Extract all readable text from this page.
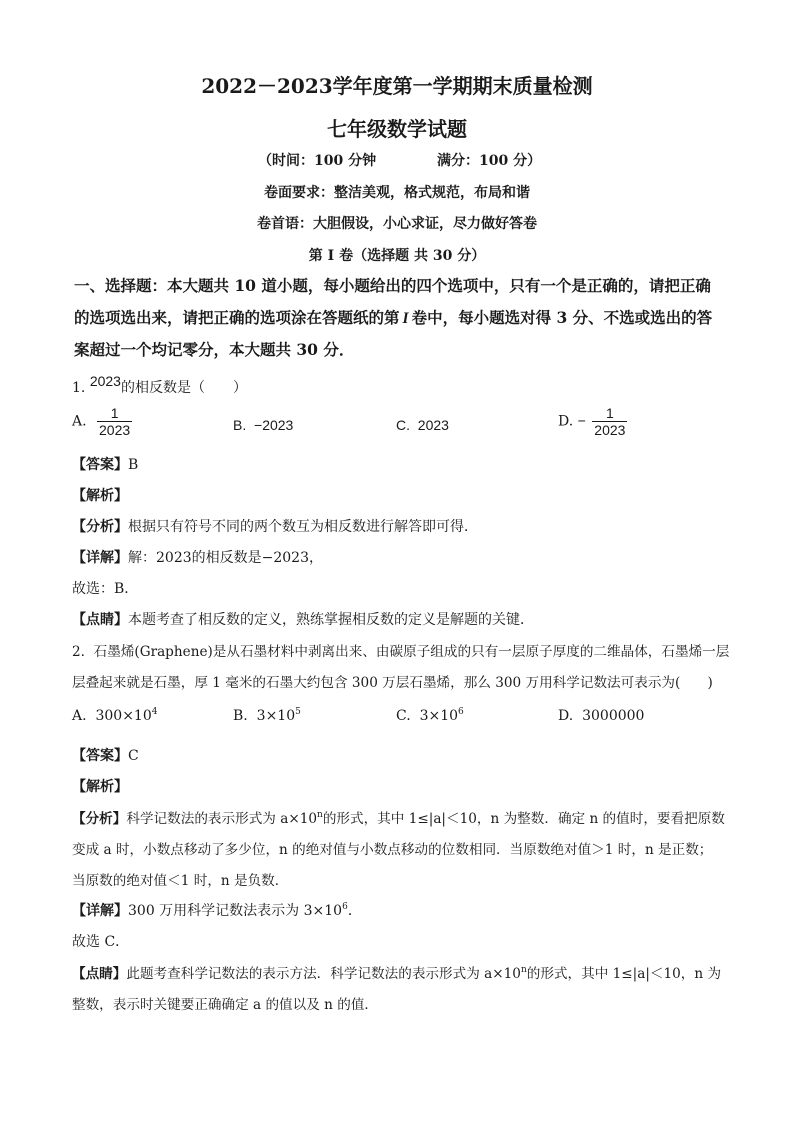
2022－2023学年度第一学期期末质量检测
七年级数学试题
（时间：100 分钟	满分：100 分）
卷面要求：整洁美观，格式规范，布局和谐
卷首语：大胆假设，小心求证，尽力做好答卷
第 I 卷（选择题 共 30 分）
一、选择题：本大题共 10 道小题，每小题给出的四个选项中，只有一个是正确的，请把正确
的选项选出来，请把正确的选项涂在答题纸的第 I 卷中，每小题选对得 3 分、不选或选出的答
案超过一个均记零分，本大题共 30 分．
1. 2023的相反数是（　　）
A. $\frac{1}{2023}$	B. −2023	C. 2023	D. − $\frac{1}{2023}$
【答案】B
【解析】
【分析】根据只有符号不同的两个数互为相反数进行解答即可得．
【详解】解：2023的相反数是−2023，
故选：B．
【点睛】本题考查了相反数的定义，熟练掌握相反数的定义是解题的关键．
2. 石墨烯(Graphene)是从石墨材料中剥离出来、由碳原子组成的只有一层原子厚度的二维晶体，石墨烯一层
层叠起来就是石墨，厚 1 毫米的石墨大约包含 300 万层石墨烯，那么 300 万用科学记数法可表示为(　　)
A. $300\times 10^4$	B. $3\times 10^5$	C. $3\times 10^6$	D. 3000000
【答案】C
【解析】
【分析】科学记数法的表示形式为 $a\times 10^n$的形式，其中 1≤|a|＜10，n 为整数．确定 n 的值时，要看把原数
变成 a 时，小数点移动了多少位，n 的绝对值与小数点移动的位数相同．当原数绝对值＞1 时，n 是正数；
当原数的绝对值＜1 时，n 是负数．
【详解】300 万用科学记数法表示为 $3\times 10^6$．
故选 C．
【点睛】此题考查科学记数法的表示方法．科学记数法的表示形式为 $a\times 10^n$的形式，其中 1≤|a|＜10，n 为
整数，表示时关键要正确确定 a 的值以及 n 的值．
